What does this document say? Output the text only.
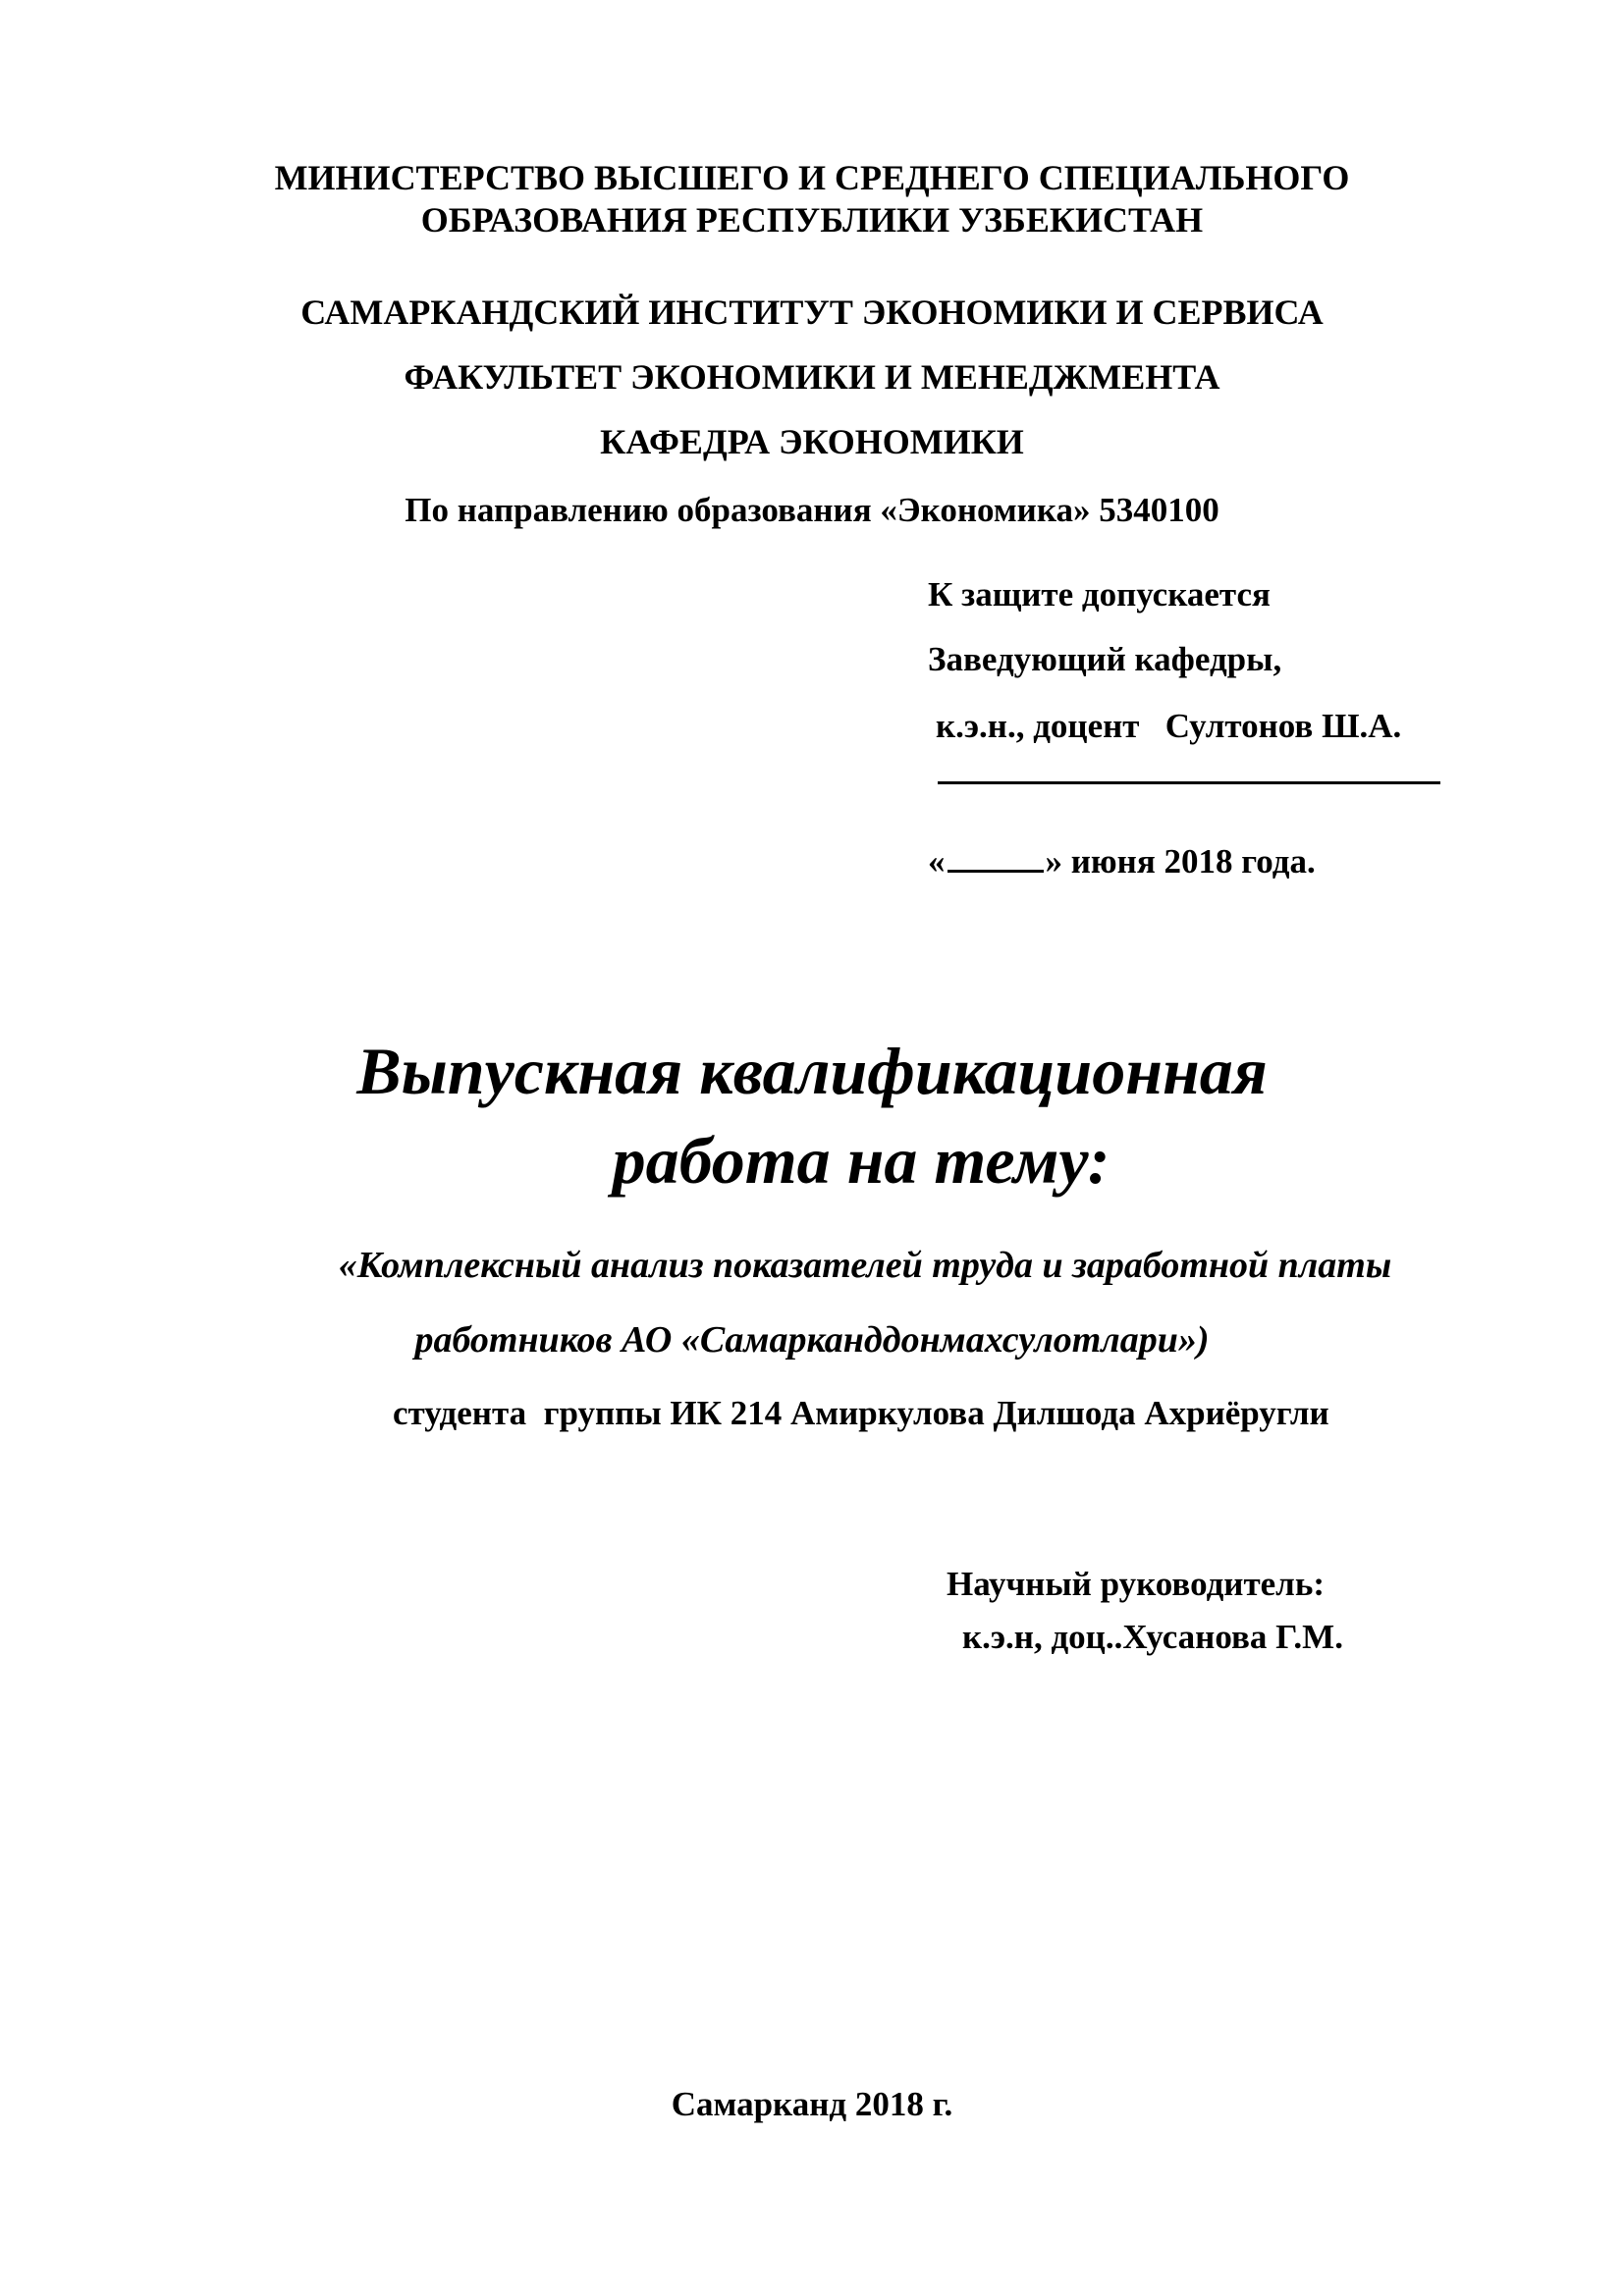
МИНИСТЕРСТВО ВЫСШЕГО И СРЕДНЕГО СПЕЦИАЛЬНОГО
ОБРАЗОВАНИЯ РЕСПУБЛИКИ УЗБЕКИСТАН
САМАРКАНДСКИЙ ИНСТИТУТ ЭКОНОМИКИ И СЕРВИСА
ФАКУЛЬТЕТ ЭКОНОМИКИ И МЕНЕДЖМЕНТА
КАФЕДРА ЭКОНОМИКИ
По направлению образования «Экономика» 5340100
К защите допускается
Заведующий кафедры,
к.э.н., доцент   Султонов Ш.А.
«	» июня 2018 года.
Выпускная квалификационная
работа на тему:
«Комплексный анализ показателей труда и заработной платы
работников АО «Самарканддонмахсулотлари»)
студента  группы ИК 214 Амиркулова Дилшода Ахриёругли
Научный руководитель:
к.э.н, доц..Хусанова Г.М.
Самарканд 2018 г.
